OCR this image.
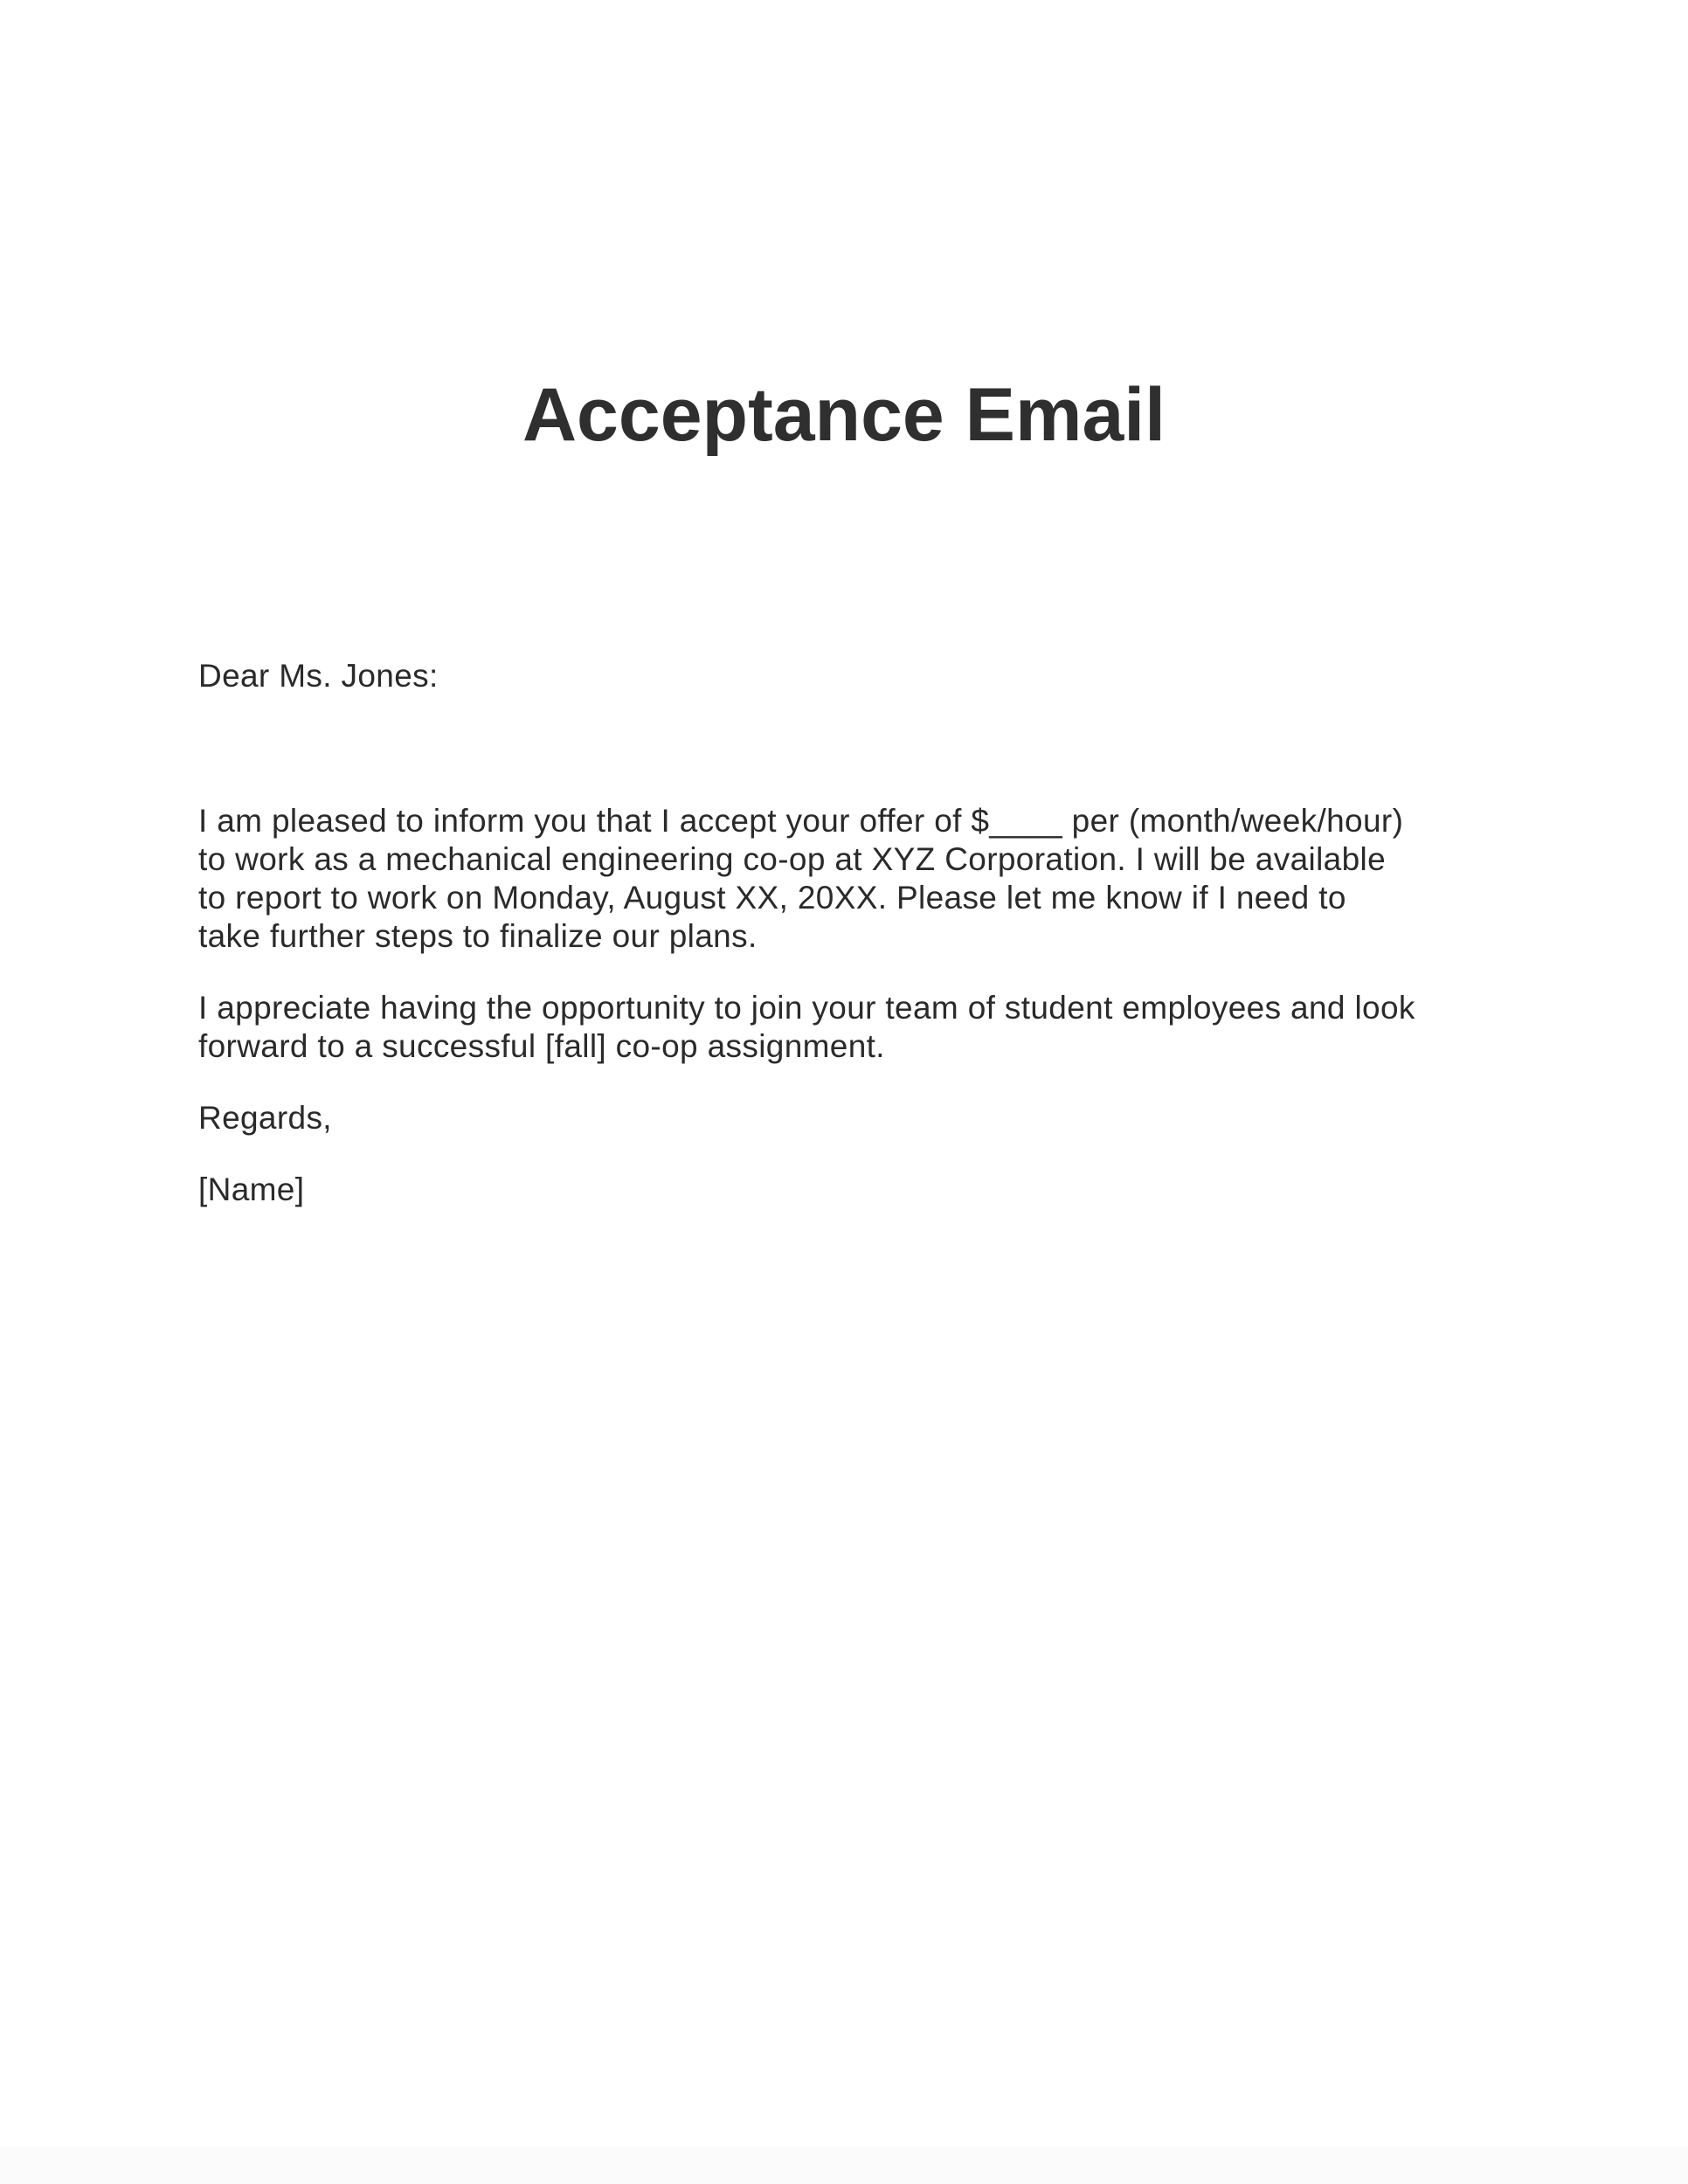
Acceptance Email

Dear Ms. Jones:

I am pleased to inform you that I accept your offer of $____ per (month/week/hour)
to work as a mechanical engineering co-op at XYZ Corporation. I will be available
to report to work on Monday, August XX, 20XX. Please let me know if I need to
take further steps to finalize our plans.

I appreciate having the opportunity to join your team of student employees and look
forward to a successful [fall] co-op assignment.

Regards,

[Name]
